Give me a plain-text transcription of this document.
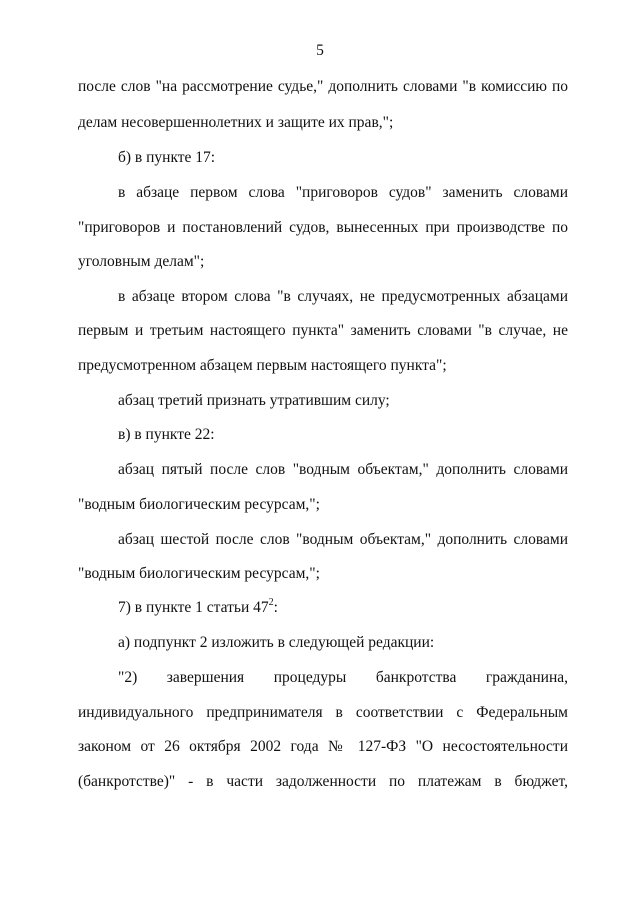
5
после слов "на рассмотрение судье," дополнить словами "в комиссию по
делам несовершеннолетних и защите их прав,";
б) в пункте 17:
в абзаце первом слова "приговоров судов" заменить словами
"приговоров и постановлений судов, вынесенных при производстве по
уголовным делам";
в абзаце втором слова "в случаях, не предусмотренных абзацами
первым и третьим настоящего пункта" заменить словами "в случае, не
предусмотренном абзацем первым настоящего пункта";
абзац третий признать утратившим силу;
в) в пункте 22:
абзац пятый после слов "водным объектам," дополнить словами
"водным биологическим ресурсам,";
абзац шестой после слов "водным объектам," дополнить словами
"водным биологическим ресурсам,";
7) в пункте 1 статьи $47^2$:
а) подпункт 2 изложить в следующей редакции:
"2) завершения процедуры банкротства гражданина,
индивидуального предпринимателя в соответствии с Федеральным
законом от 26 октября 2002 года № 127-ФЗ "О несостоятельности
(банкротстве)" - в части задолженности по платежам в бюджет,
